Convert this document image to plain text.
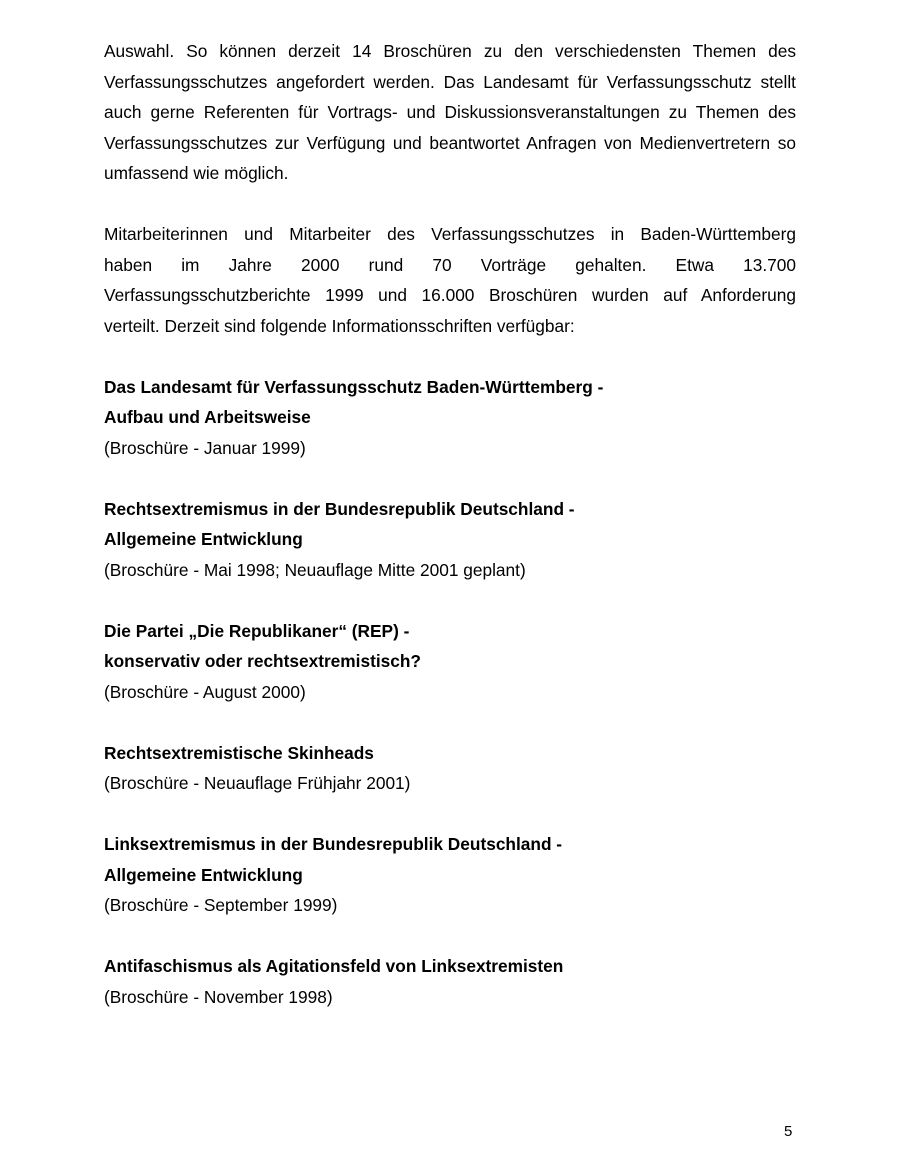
Auswahl. So können derzeit 14 Broschüren zu den verschiedensten Themen des
Verfassungsschutzes angefordert werden. Das Landesamt für Verfassungsschutz stellt
auch gerne Referenten für Vortrags- und Diskussionsveranstaltungen zu Themen des
Verfassungsschutzes zur Verfügung und beantwortet Anfragen von Medienvertretern so
umfassend wie möglich.
Mitarbeiterinnen und Mitarbeiter des Verfassungsschutzes in Baden-Württemberg
haben im Jahre 2000 rund 70 Vorträge gehalten. Etwa 13.700
Verfassungsschutzberichte 1999 und 16.000 Broschüren wurden auf Anforderung
verteilt. Derzeit sind folgende Informationsschriften verfügbar:
Das Landesamt für Verfassungsschutz Baden-Württemberg -
Aufbau und Arbeitsweise
(Broschüre - Januar 1999)
Rechtsextremismus in der Bundesrepublik Deutschland -
Allgemeine Entwicklung
(Broschüre - Mai 1998; Neuauflage Mitte 2001 geplant)
Die Partei „Die Republikaner“ (REP) -
konservativ oder rechtsextremistisch?
(Broschüre - August 2000)
Rechtsextremistische Skinheads
(Broschüre - Neuauflage Frühjahr 2001)
Linksextremismus in der Bundesrepublik Deutschland -
Allgemeine Entwicklung
(Broschüre - September 1999)
Antifaschismus als Agitationsfeld von Linksextremisten
(Broschüre - November 1998)
5
